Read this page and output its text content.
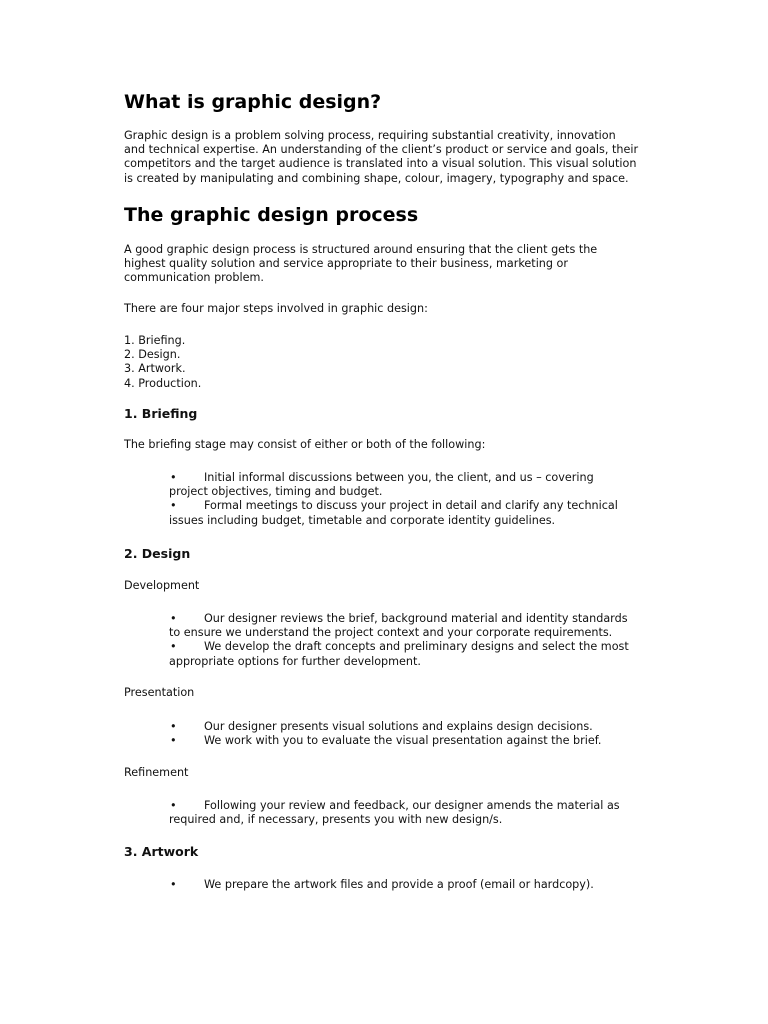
What is graphic design?

Graphic design is a problem solving process, requiring substantial creativity, innovation
and technical expertise. An understanding of the client’s product or service and goals, their
competitors and the target audience is translated into a visual solution. This visual solution
is created by manipulating and combining shape, colour, imagery, typography and space.

The graphic design process

A good graphic design process is structured around ensuring that the client gets the
highest quality solution and service appropriate to their business, marketing or
communication problem.

There are four major steps involved in graphic design:

1. Briefing.
2. Design.
3. Artwork.
4. Production.

1. Briefing

The briefing stage may consist of either or both of the following:

• Initial informal discussions between you, the client, and us – covering
project objectives, timing and budget.
• Formal meetings to discuss your project in detail and clarify any technical
issues including budget, timetable and corporate identity guidelines.
2. Design

Development

• Our designer reviews the brief, background material and identity standards
to ensure we understand the project context and your corporate requirements.
• We develop the draft concepts and preliminary designs and select the most
appropriate options for further development.

Presentation

• Our designer presents visual solutions and explains design decisions.
• We work with you to evaluate the visual presentation against the brief.

Refinement

• Following your review and feedback, our designer amends the material as
required and, if necessary, presents you with new design/s.
3. Artwork
• We prepare the artwork files and provide a proof (email or hardcopy).
